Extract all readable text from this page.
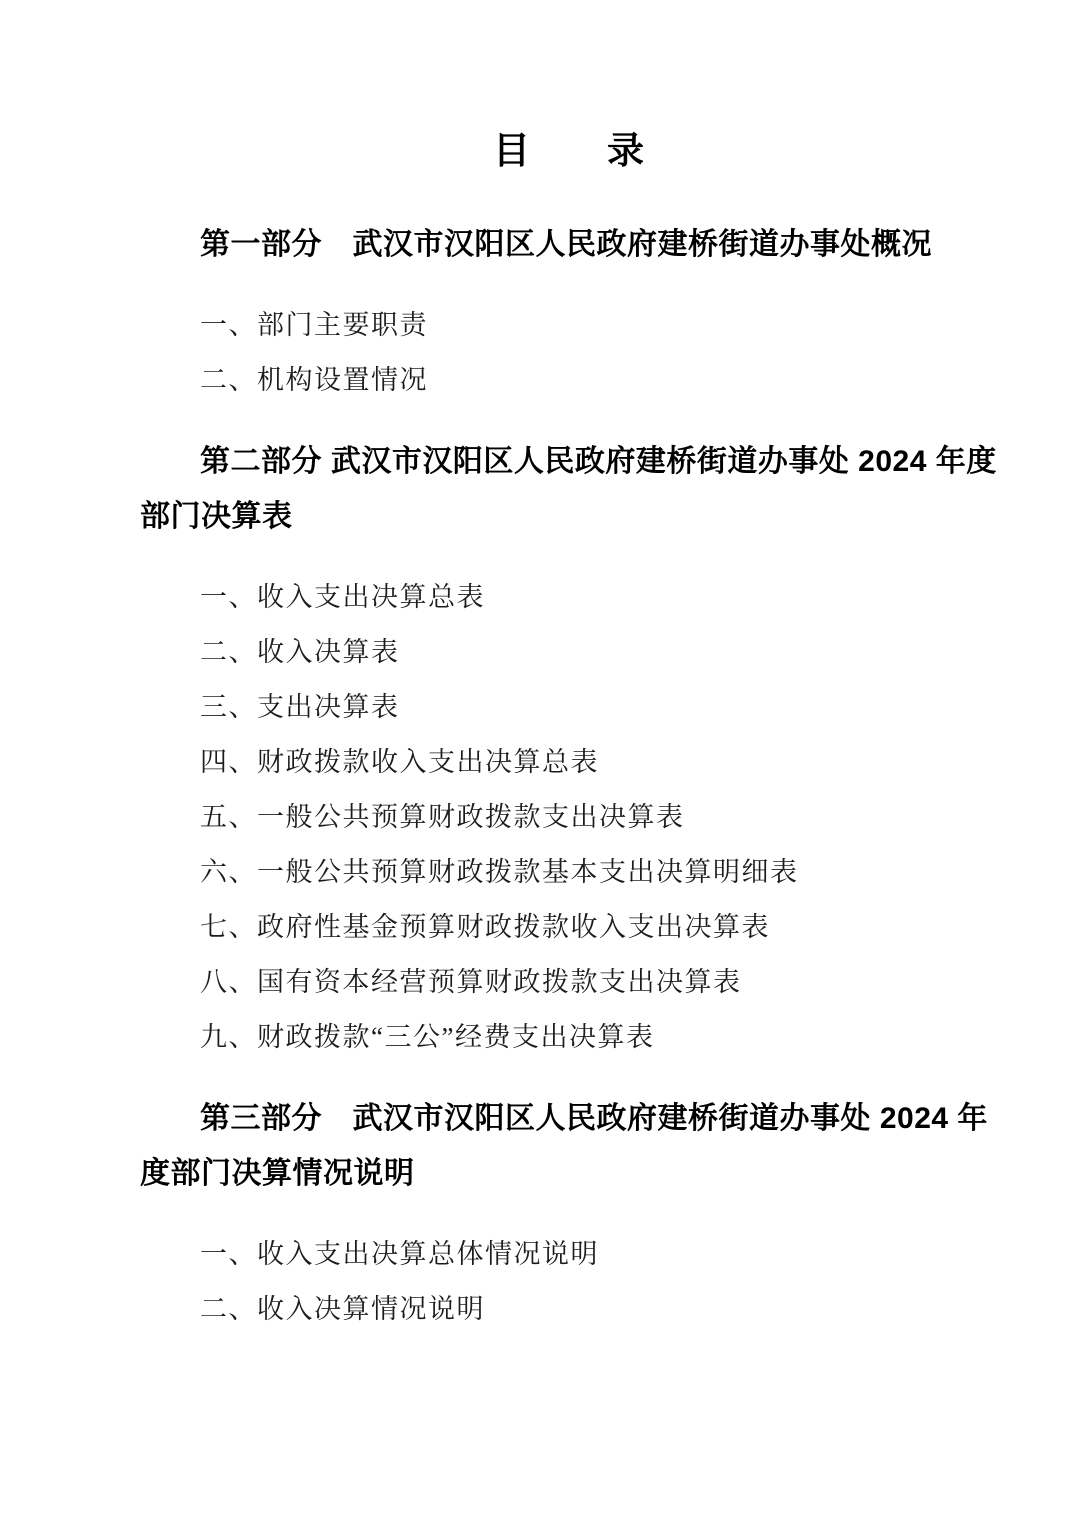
目　　录
第一部分　武汉市汉阳区人民政府建桥街道办事处概况
一、部门主要职责
二、机构设置情况
第二部分 武汉市汉阳区人民政府建桥街道办事处 2024 年度
部门决算表
一、收入支出决算总表
二、收入决算表
三、支出决算表
四、财政拨款收入支出决算总表
五、一般公共预算财政拨款支出决算表
六、一般公共预算财政拨款基本支出决算明细表
七、政府性基金预算财政拨款收入支出决算表
八、国有资本经营预算财政拨款支出决算表
九、财政拨款“三公”经费支出决算表
第三部分　武汉市汉阳区人民政府建桥街道办事处 2024 年
度部门决算情况说明
一、收入支出决算总体情况说明
二、收入决算情况说明
